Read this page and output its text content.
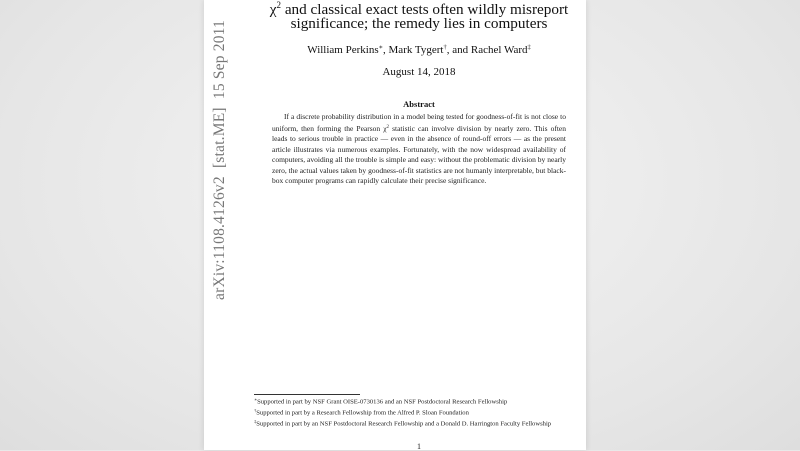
arXiv:1108.4126v2  [stat.ME]  15 Sep 2011
$\chi^2$ and classical exact tests often wildly misreport
significance; the remedy lies in computers
William Perkins∗, Mark Tygert†, and Rachel Ward‡
August 14, 2018
Abstract

If a discrete probability distribution in a model being tested for goodness-of-fit is not close to uniform, then forming the Pearson $\chi^2$ statistic can involve division by nearly zero. This often leads to serious trouble in practice — even in the absence of round-off errors — as the present article illustrates via numerous examples. Fortunately, with the now widespread availability of computers, avoiding all the trouble is simple and easy: without the problematic division by nearly zero, the actual values taken by goodness-of-fit statistics are not humanly interpretable, but black-box computer programs can rapidly calculate their precise significance.

∗Supported in part by NSF Grant OISE-0730136 and an NSF Postdoctoral Research Fellowship
†Supported in part by a Research Fellowship from the Alfred P. Sloan Foundation
‡Supported in part by an NSF Postdoctoral Research Fellowship and a Donald D. Harrington Faculty Fellowship
1
